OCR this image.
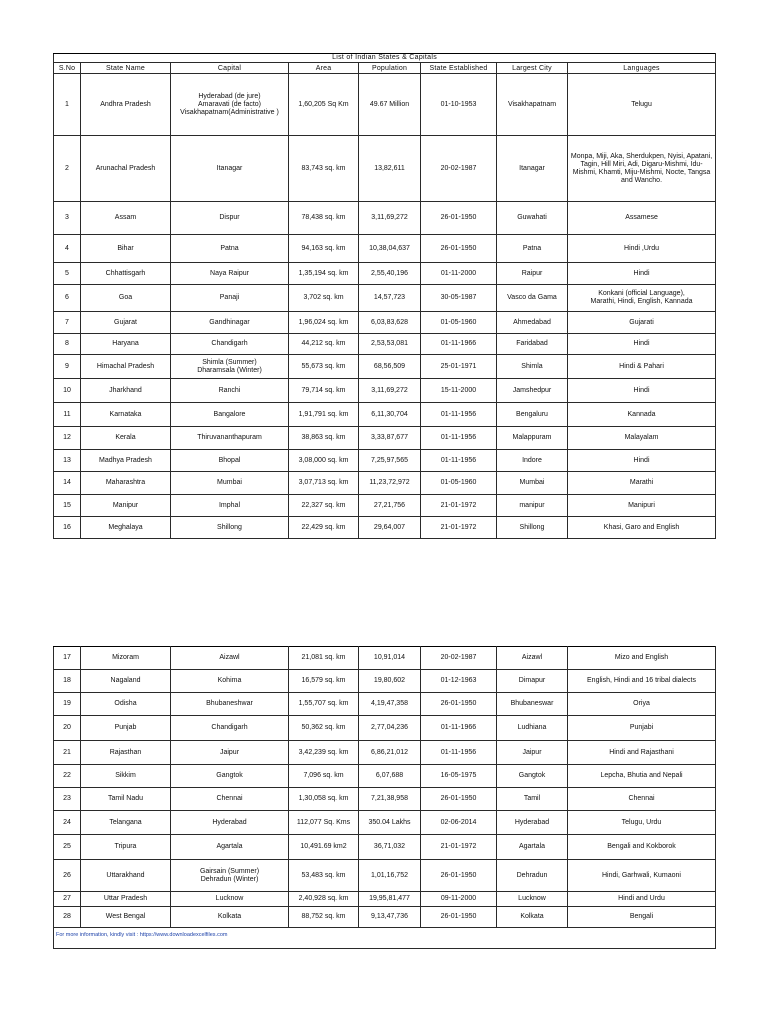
List of Indian States & Capitals							
S.No	State Name	Capital	Area	Population	State Established	Largest City	Languages
1	Andhra Pradesh	Hyderabad (de jure)
Amaravati (de facto)
Visakhapatnam(Administrative )	1,60,205 Sq Km	49.67 Million	01-10-1953	Visakhapatnam	Telugu
2	Arunachal Pradesh	Itanagar	83,743 sq. km	13,82,611	20-02-1987	Itanagar	Monpa, Miji, Aka, Sherdukpen, Nyisi, Apatani, Tagin, Hill Miri, Adi, Digaru-Mishmi, Idu-Mishmi, Khamti, Miju-Mishmi, Nocte, Tangsa and Wancho.
3	Assam	Dispur	78,438 sq. km	3,11,69,272	26-01-1950	Guwahati	Assamese
4	Bihar	Patna	94,163 sq. km	10,38,04,637	26-01-1950	Patna	Hindi ,Urdu
5	Chhattisgarh	Naya Raipur	1,35,194 sq. km	2,55,40,196	01-11-2000	Raipur	Hindi
6	Goa	Panaji	3,702 sq. km	14,57,723	30-05-1987	Vasco da Gama	Konkani (official Language),
Marathi, Hindi, English, Kannada
7	Gujarat	Gandhinagar	1,96,024 sq. km	6,03,83,628	01-05-1960	Ahmedabad	Gujarati
8	Haryana	Chandigarh	44,212 sq. km	2,53,53,081	01-11-1966	Faridabad	Hindi
9	Himachal Pradesh	Shimla (Summer)
Dharamsala (Winter)	55,673 sq. km	68,56,509	25-01-1971	Shimla	Hindi & Pahari
10	Jharkhand	Ranchi	79,714 sq. km	3,11,69,272	15-11-2000	Jamshedpur	Hindi
11	Karnataka	Bangalore	1,91,791 sq. km	6,11,30,704	01-11-1956	Bengaluru	Kannada
12	Kerala	Thiruvananthapuram	38,863 sq. km	3,33,87,677	01-11-1956	Malappuram	Malayalam
13	Madhya Pradesh	Bhopal	3,08,000 sq. km	7,25,97,565	01-11-1956	Indore	Hindi
14	Maharashtra	Mumbai	3,07,713 sq. km	11,23,72,972	01-05-1960	Mumbai	Marathi
15	Manipur	Imphal	22,327 sq. km	27,21,756	21-01-1972	manipur	Manipuri
16	Meghalaya	Shillong	22,429 sq. km	29,64,007	21-01-1972	Shillong	Khasi, Garo and English
17	Mizoram	Aizawl	21,081 sq. km	10,91,014	20-02-1987	Aizawl	Mizo and English
18	Nagaland	Kohima	16,579 sq. km	19,80,602	01-12-1963	Dimapur	English, Hindi and 16 tribal dialects
19	Odisha	Bhubaneshwar	1,55,707 sq. km	4,19,47,358	26-01-1950	Bhubaneswar	Oriya
20	Punjab	Chandigarh	50,362 sq. km	2,77,04,236	01-11-1966	Ludhiana	Punjabi
21	Rajasthan	Jaipur	3,42,239 sq. km	6,86,21,012	01-11-1956	Jaipur	Hindi and Rajasthani
22	Sikkim	Gangtok	7,096 sq. km	6,07,688	16-05-1975	Gangtok	Lepcha, Bhutia and Nepali
23	Tamil Nadu	Chennai	1,30,058 sq. km	7,21,38,958	26-01-1950	Tamil	Chennai
24	Telangana	Hyderabad	112,077 Sq. Kms	350.04 Lakhs	02-06-2014	Hyderabad	Telugu, Urdu
25	Tripura	Agartala	10,491.69 km2	36,71,032	21-01-1972	Agartala	Bengali and Kokborok
26	Uttarakhand	Gairsain (Summer)
Dehradun (Winter)	53,483 sq. km	1,01,16,752	26-01-1950	Dehradun	Hindi, Garhwali, Kumaoni
27	Uttar Pradesh	Lucknow	2,40,928 sq. km	19,95,81,477	09-11-2000	Lucknow	Hindi and Urdu
28	West Bengal	Kolkata	88,752 sq. km	9,13,47,736	26-01-1950	Kolkata	Bengali
For more information, kindly visit : https://www.downloadexcelfiles.com							
